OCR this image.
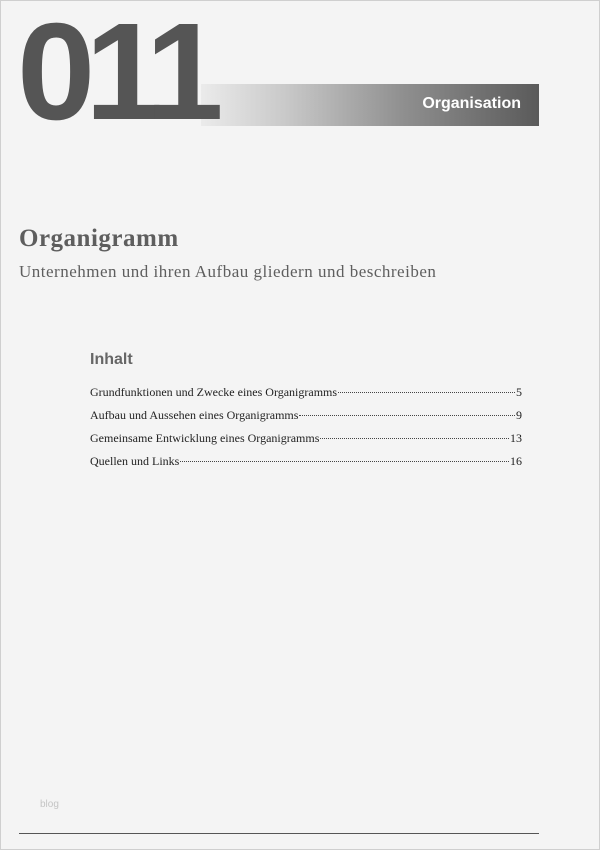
011	Organisation
Organigramm
Unternehmen und ihren Aufbau gliedern und beschreiben
Inhalt
Grundfunktionen und Zwecke eines Organigramms	5
Aufbau und Aussehen eines Organigramms	9
Gemeinsame Entwicklung eines Organigramms	13
Quellen und Links	16
blog
